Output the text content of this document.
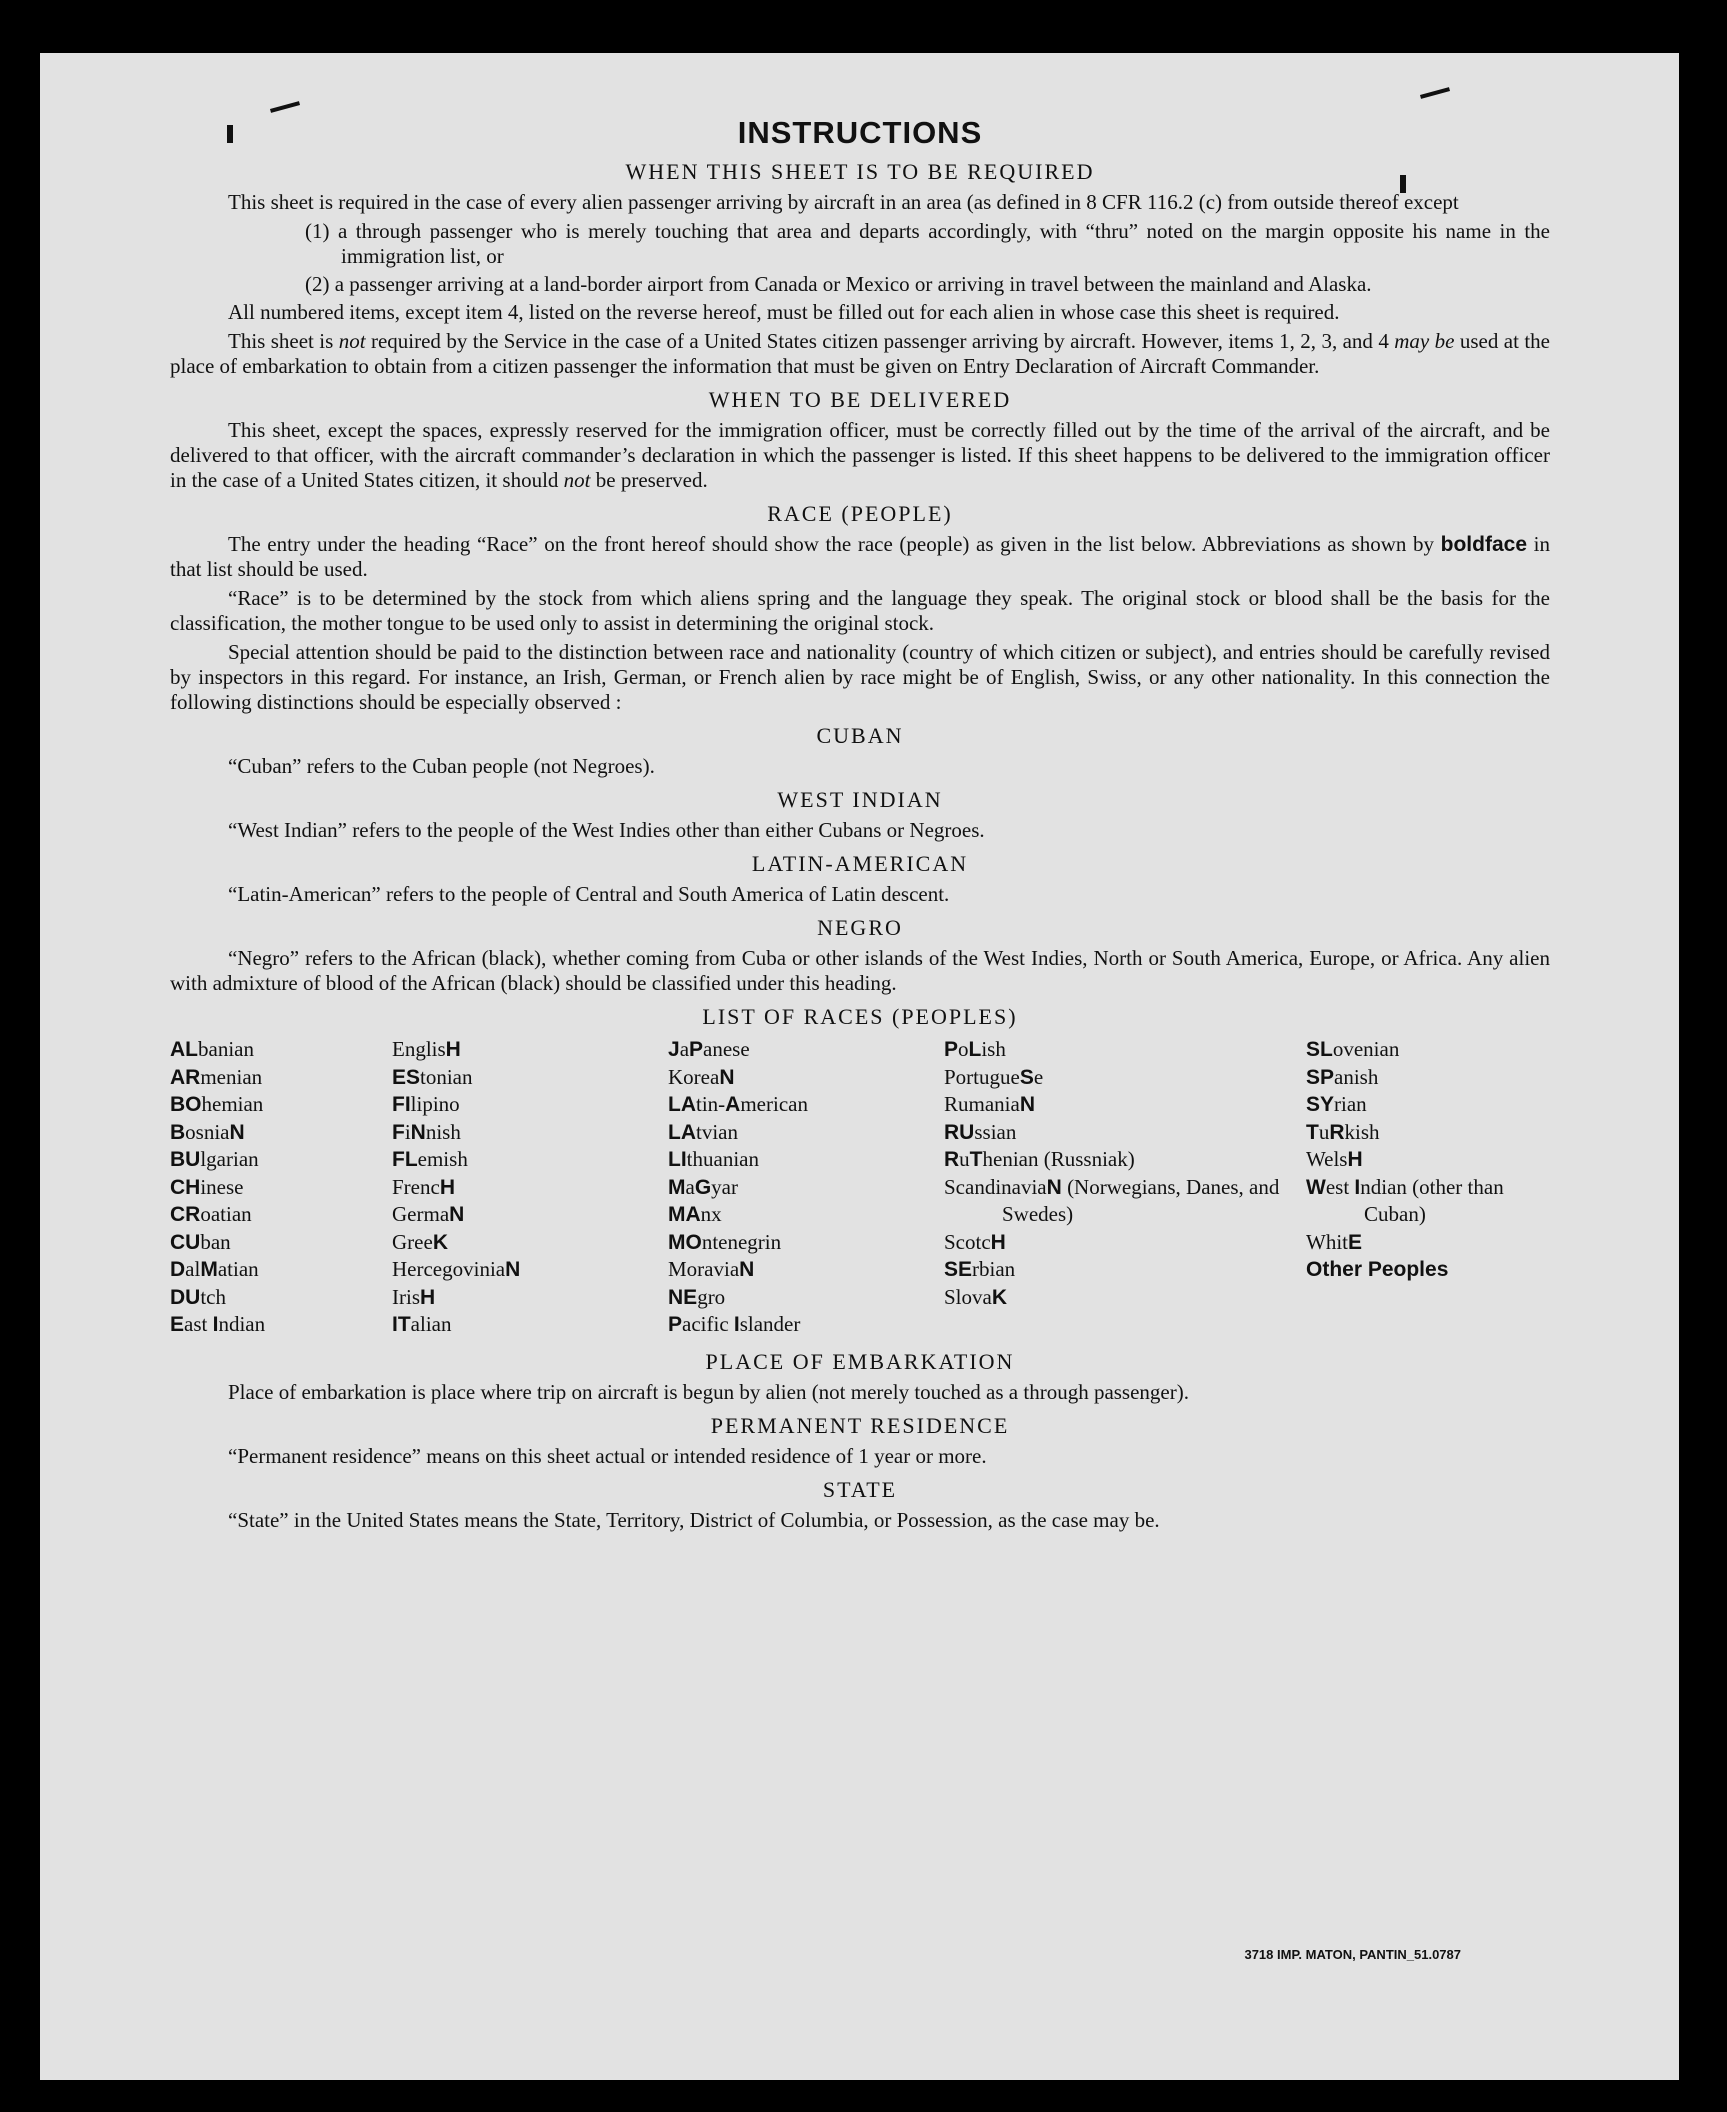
INSTRUCTIONS
WHEN THIS SHEET IS TO BE REQUIRED

This sheet is required in the case of every alien passenger arriving by aircraft in an area (as defined in 8 CFR 116.2 (c) from outside thereof except

(1) a through passenger who is merely touching that area and departs accordingly, with “thru” noted on the margin opposite his name in the immigration list, or
(2) a passenger arriving at a land-border airport from Canada or Mexico or arriving in travel between the mainland and Alaska.

All numbered items, except item 4, listed on the reverse hereof, must be filled out for each alien in whose case this sheet is required.

This sheet is not required by the Service in the case of a United States citizen passenger arriving by aircraft. However, items 1, 2, 3, and 4 may be used at the place of embarkation to obtain from a citizen passenger the information that must be given on Entry Declaration of Aircraft Commander.

WHEN TO BE DELIVERED

This sheet, except the spaces, expressly reserved for the immigration officer, must be correctly filled out by the time of the arrival of the aircraft, and be delivered to that officer, with the aircraft commander’s declaration in which the passenger is listed. If this sheet happens to be delivered to the immigration officer in the case of a United States citizen, it should not be preserved.

RACE (PEOPLE)

The entry under the heading “Race” on the front hereof should show the race (people) as given in the list below. Abbreviations as shown by boldface in that list should be used.

“Race” is to be determined by the stock from which aliens spring and the language they speak. The original stock or blood shall be the basis for the classification, the mother tongue to be used only to assist in determining the original stock.

Special attention should be paid to the distinction between race and nationality (country of which citizen or subject), and entries should be carefully revised by inspectors in this regard. For instance, an Irish, German, or French alien by race might be of English, Swiss, or any other nationality. In this connection the following distinctions should be especially observed :

CUBAN

“Cuban” refers to the Cuban people (not Negroes).

WEST INDIAN

“West Indian” refers to the people of the West Indies other than either Cubans or Negroes.

LATIN-AMERICAN

“Latin-American” refers to the people of Central and South America of Latin descent.

NEGRO

“Negro” refers to the African (black), whether coming from Cuba or other islands of the West Indies, North or South America, Europe, or Africa. Any alien with admixture of blood of the African (black) should be classified under this heading.

LIST OF RACES (PEOPLES)
ALbanian
ARmenian
BOhemian
BosniaN
BUlgarian
CHinese
CRoatian
CUban
DalMatian
DUtch
East Indian
EnglisH
EStonian
FIlipino
FiNnish
FLemish
FrencH
GermaN
GreeK
HercegoviniaN
IrisH
ITalian
JaPanese
KoreaN
LAtin-American
LAtvian
LIthuanian
MaGyar
MAnx
MOntenegrin
MoraviaN
NEgro
Pacific Islander
PoLish
PortugueSe
RumaniaN
RUssian
RuThenian (Russniak)
ScandinaviaN (Norwegians, Danes, and Swedes)
ScotcH
SErbian
SlovaK
SLovenian
SPanish
SYrian
TuRkish
WelsH
West Indian (other than Cuban)
WhitE
Other Peoples
PLACE OF EMBARKATION

Place of embarkation is place where trip on aircraft is begun by alien (not merely touched as a through passenger).

PERMANENT RESIDENCE

“Permanent residence” means on this sheet actual or intended residence of 1 year or more.

STATE

“State” in the United States means the State, Territory, District of Columbia, or Possession, as the case may be.

3718 IMP. MATON, PANTIN_51.0787
